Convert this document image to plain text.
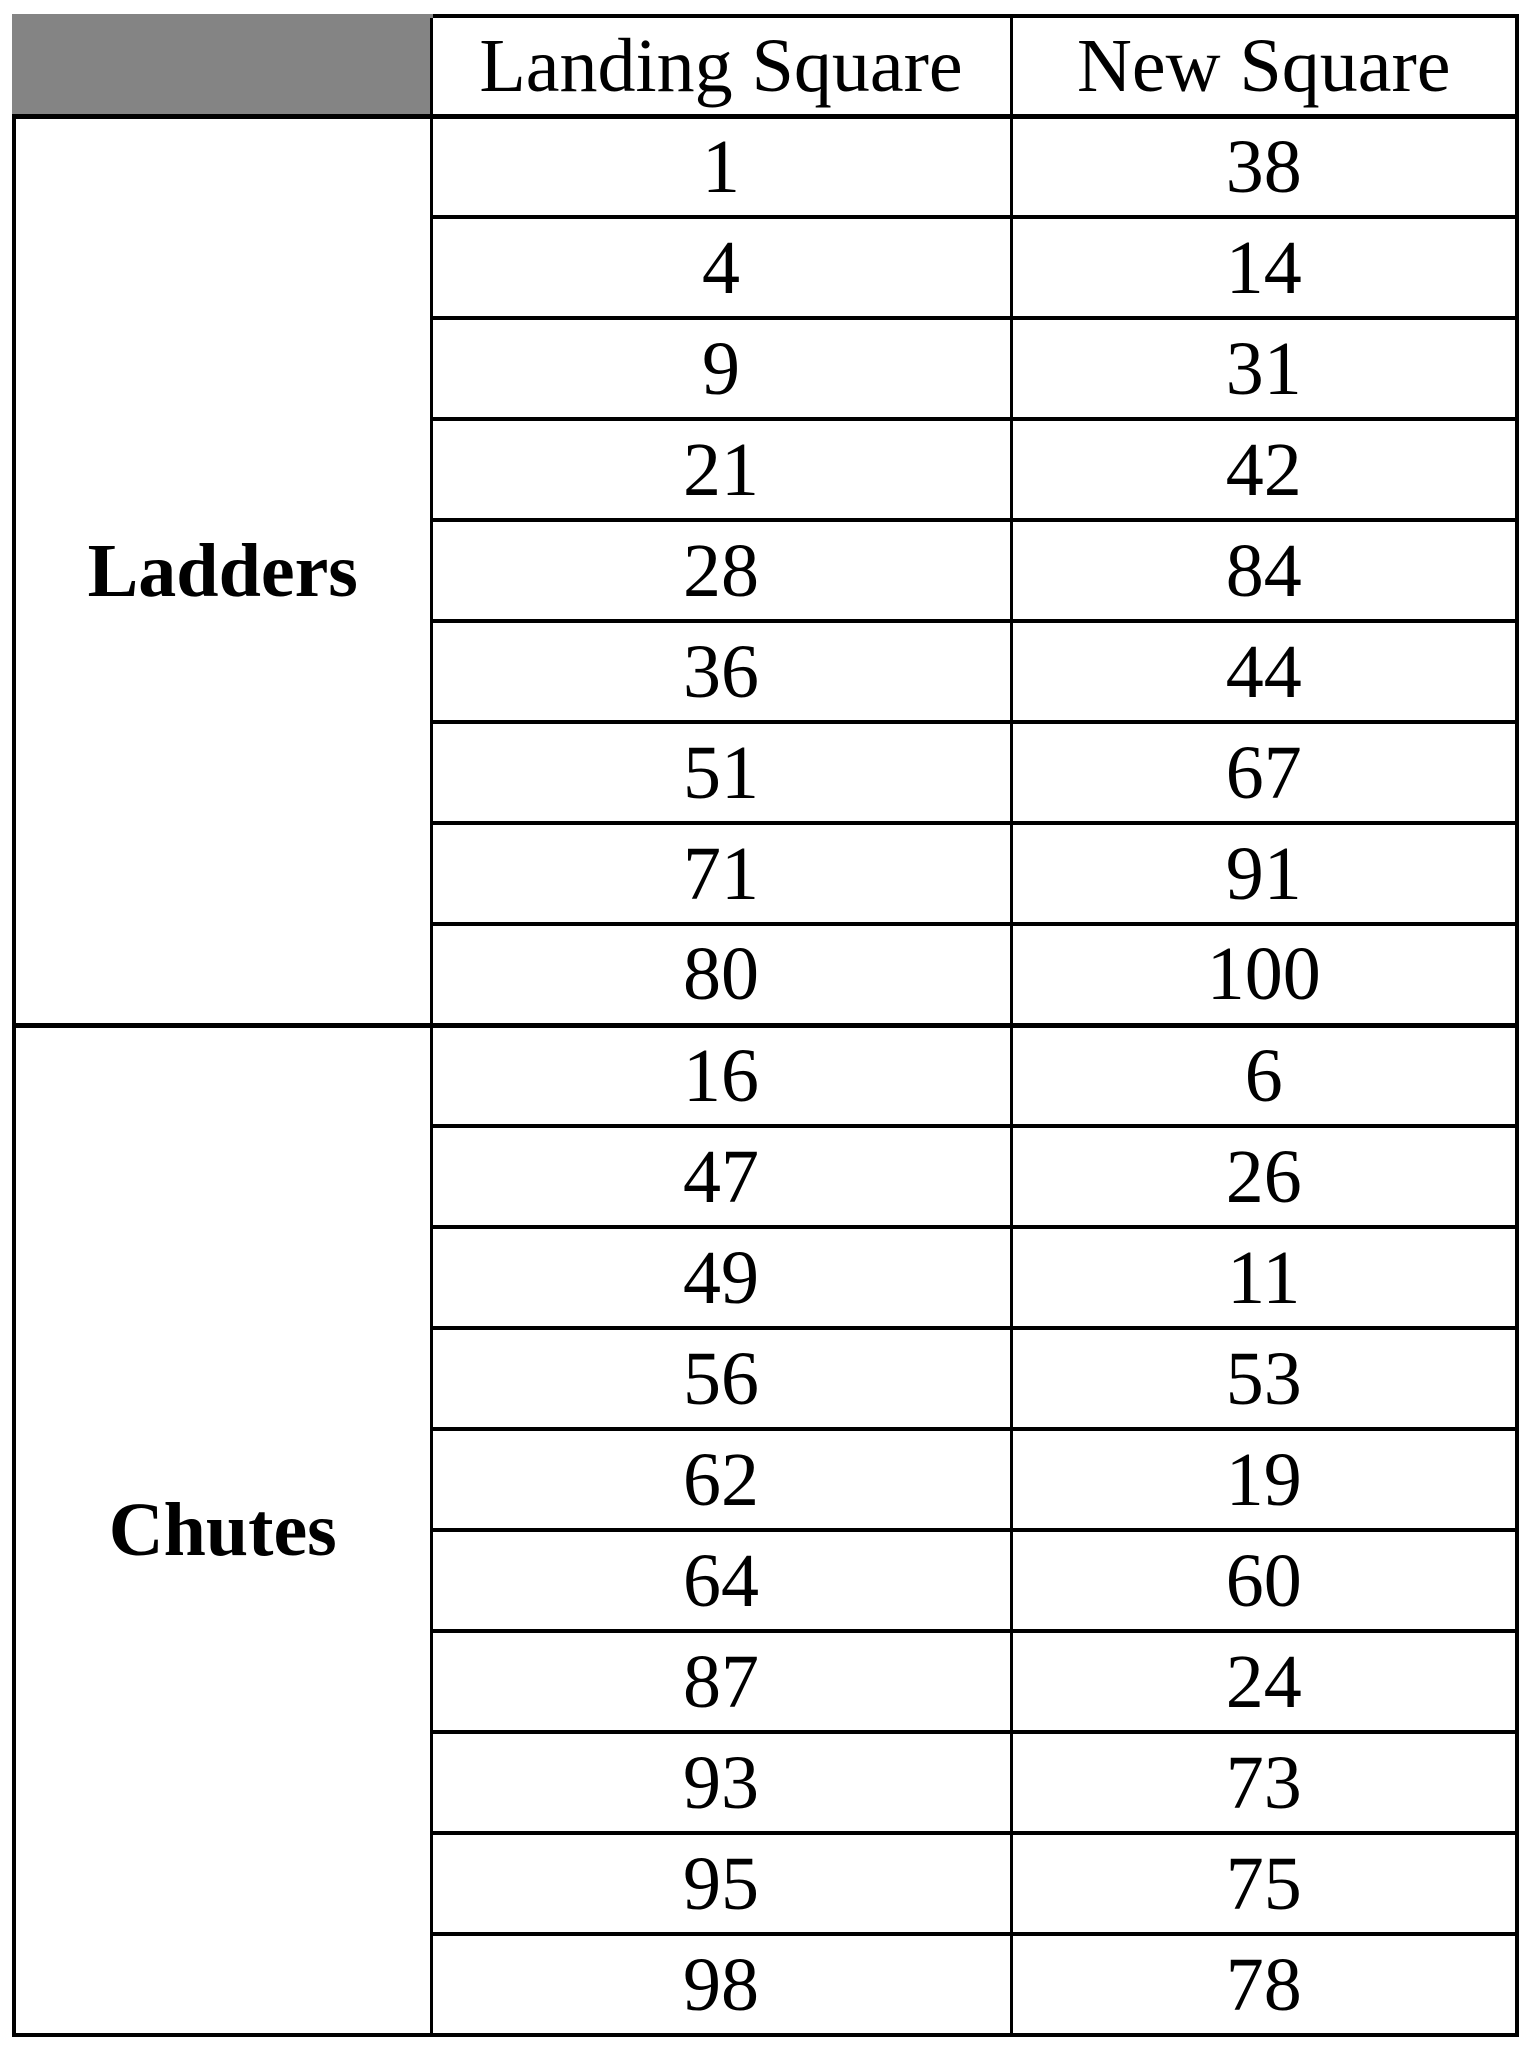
	Landing Square	New Square
Ladders	1	38
	4	14
	9	31
	21	42
	28	84
	36	44
	51	67
	71	91
	80	100
Chutes	16	6
	47	26
	49	11
	56	53
	62	19
	64	60
	87	24
	93	73
	95	75
	98	78
